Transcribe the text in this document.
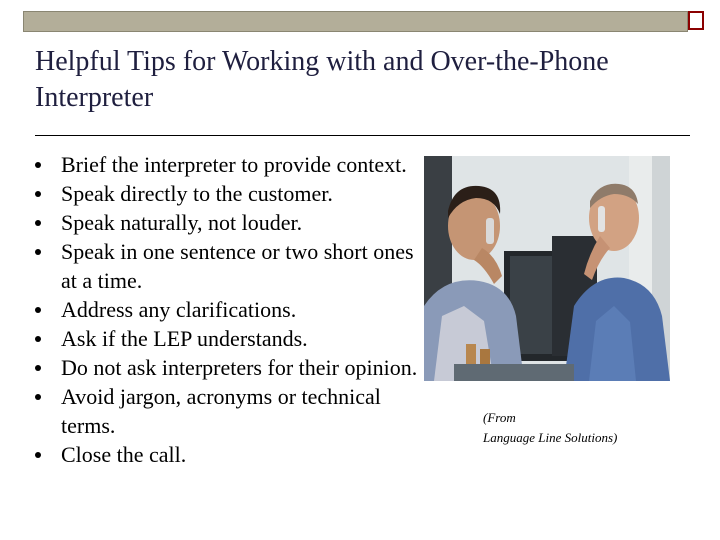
Helpful Tips for Working with and Over-the-Phone Interpreter
Brief the interpreter to provide context.
Speak directly to the customer.
Speak naturally, not louder.
Speak in one sentence or two short ones at a time.
Address any clarifications.
Ask if the LEP understands.
Do not ask interpreters for their opinion.
Avoid jargon, acronyms or technical terms.
Close the call.
(From
Language Line Solutions)
